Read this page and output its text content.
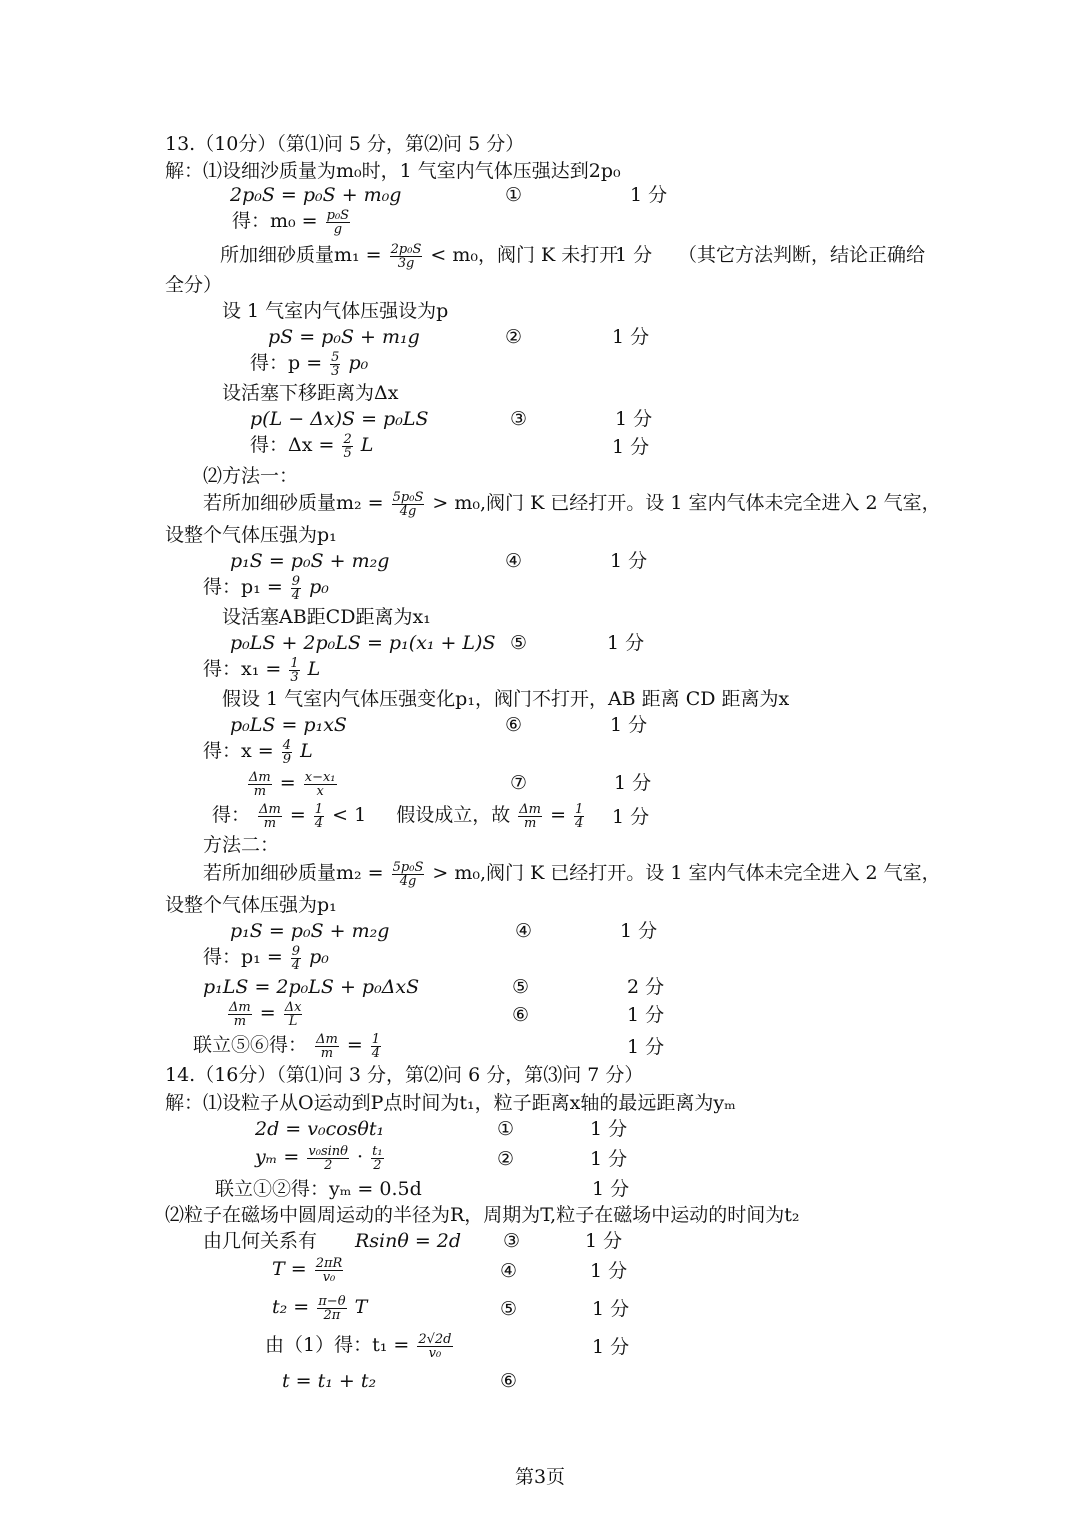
13.（10分）（第⑴问 5 分，第⑵问 5 分）
解：⑴设细沙质量为m₀时，1 气室内气体压强达到2p₀
2p₀S = p₀S + m₀g	①	1 分
得：$m_0 = \frac{\text{p₀S}}{g}$
所加细砂质量$m_1 = \frac{\text{2p₀S}}{3g} < m_0$，阀门 K 未打开
1 分 （其它方法判断，结论正确给
全分）
设 1 气室内气体压强设为p
pS = p₀S + m₁g	②	1 分
得：$p = \frac{5}{3} p_0$
设活塞下移距离为Δx
p(L − Δx)S = p₀LS	③	1 分
得：$\Delta x = \frac{2}{5}$ L	1 分
⑵方法一：
若所加细砂质量$m_2 = \frac{\text{5p₀S}}{4g} > m_0$,阀门 K 已经打开。设 1 室内气体未完全进入 2 气室，
设整个气体压强为p₁
p₁S = p₀S + m₂g	④	1 分
得：$p_1 = \frac{9}{4} p_0$
设活塞AB距CD距离为x₁
p₀LS + 2p₀LS = p₁(x₁ + L)S ⑤	1 分
得：$x_1 = \frac{1}{3}$ L
假设 1 气室内气体压强变化p₁，阀门不打开，AB 距离 CD 距离为x
p₀LS = p₁xS	⑥	1 分
得：$x = \frac{4}{9}$ L
$\frac{\Delta m}{m} = \frac{\text{x−x₁}}{x}$	⑦	1 分
得： $\frac{\Delta m}{m} = \frac{1}{4} < 1$ 假设成立，故 $\frac{\Delta m}{m} = \frac{1}{4} 1$ 分
方法二：
若所加细砂质量$m_2 = \frac{\text{5p₀S}}{4g} > m_0$,阀门 K 已经打开。设 1 室内气体未完全进入 2 气室，
设整个气体压强为p₁
p₁S = p₀S + m₂g	④	1 分
得：$p_1 = \frac{9}{4} p_0$
p₁LS = 2p₀LS + p₀ΔxS	⑤	2 分
$\frac{\Delta m}{m} = \frac{\Delta x}{L}$	⑥	1 分
联立⑤⑥得： $\frac{\Delta m}{m} = \frac{1}{4}$	1 分
14.（16分）（第⑴问 3 分，第⑵问 6 分，第⑶问 7 分）
解：⑴设粒子从O运动到P点时间为t₁，粒子距离x轴的最远距离为yₘ
2d = v₀cosθt₁	①	1 分
$y_m = \frac{\text{v₀sinθ}}{2} \cdot \frac{\text{t₁}}{2}$	②	1 分
联立①②得：yₘ = 0.5d	1 分
⑵粒子在磁场中圆周运动的半径为R，周期为T,粒子在磁场中运动的时间为t₂
由几何关系有 Rsinθ = 2d ③	1 分
$T = \frac{2\pi R}{\text{v₀}}$	④	1 分
$t_2 = \frac{\pi-\theta}{2\pi}$ T	⑤	1 分
由（1）得：$t_1 = \frac{2√2d}{\text{v₀}}$	1 分
t = t₁ + t₂	⑥
第3页
